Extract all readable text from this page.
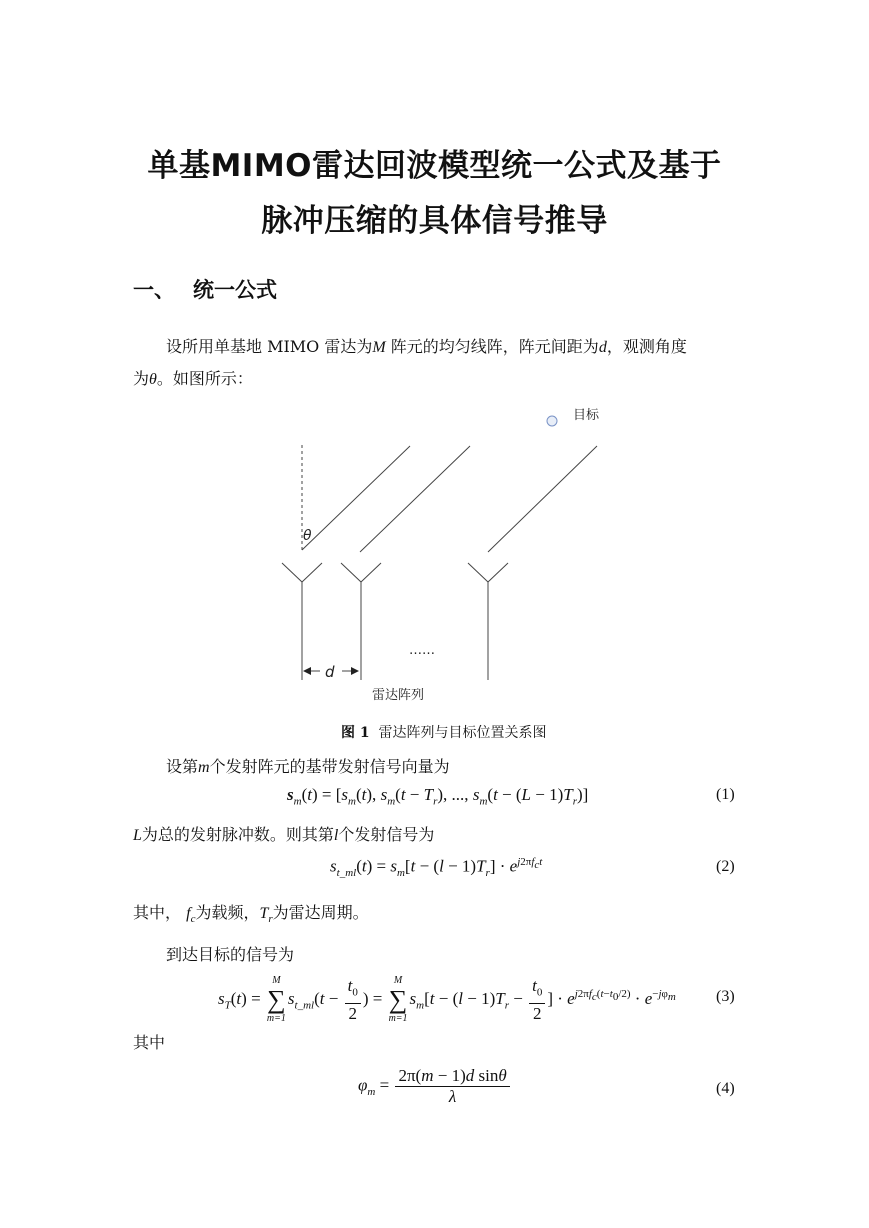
单基MIMO雷达回波模型统一公式及基于
脉冲压缩的具体信号推导
一、 统一公式
设所用单基地 MIMO 雷达为M 阵元的均匀线阵，阵元间距为d，观测角度
为θ。如图所示：
目标
θ
……
d
雷达阵列
图 1 雷达阵列与目标位置关系图
设第m个发射阵元的基带发射信号向量为
$s_m(t) = [s_m(t)$, $s_m(t - T_r)$, ..., $s_m(t - (L - 1)T_r)$]	(1)
L为总的发射脉冲数。则其第l个发射信号为
$s_{t\_ml}(t) = s_m[t - (l - 1)T_r] \cdot e^{j2\pi f_ct}$	(2)
其中， $f_c$为载频，$T_r$为雷达周期。
到达目标的信号为
$s_T(t)$ =
M
∑
m=1
$s_{t\_ml}(t - \frac{t_0}{2}$ ) =
M
∑
m=1
$s_m[t - (l - 1)T_r - \frac{t_0}{2}$ ] · $e^{j2\pi f_c(t-t_0/2)} \cdot e^{-j\varphi_m}$	(3)
其中
$\varphi_m = \frac{\text{2π(m − 1)d sinθ}}{\lambda}$	(4)
